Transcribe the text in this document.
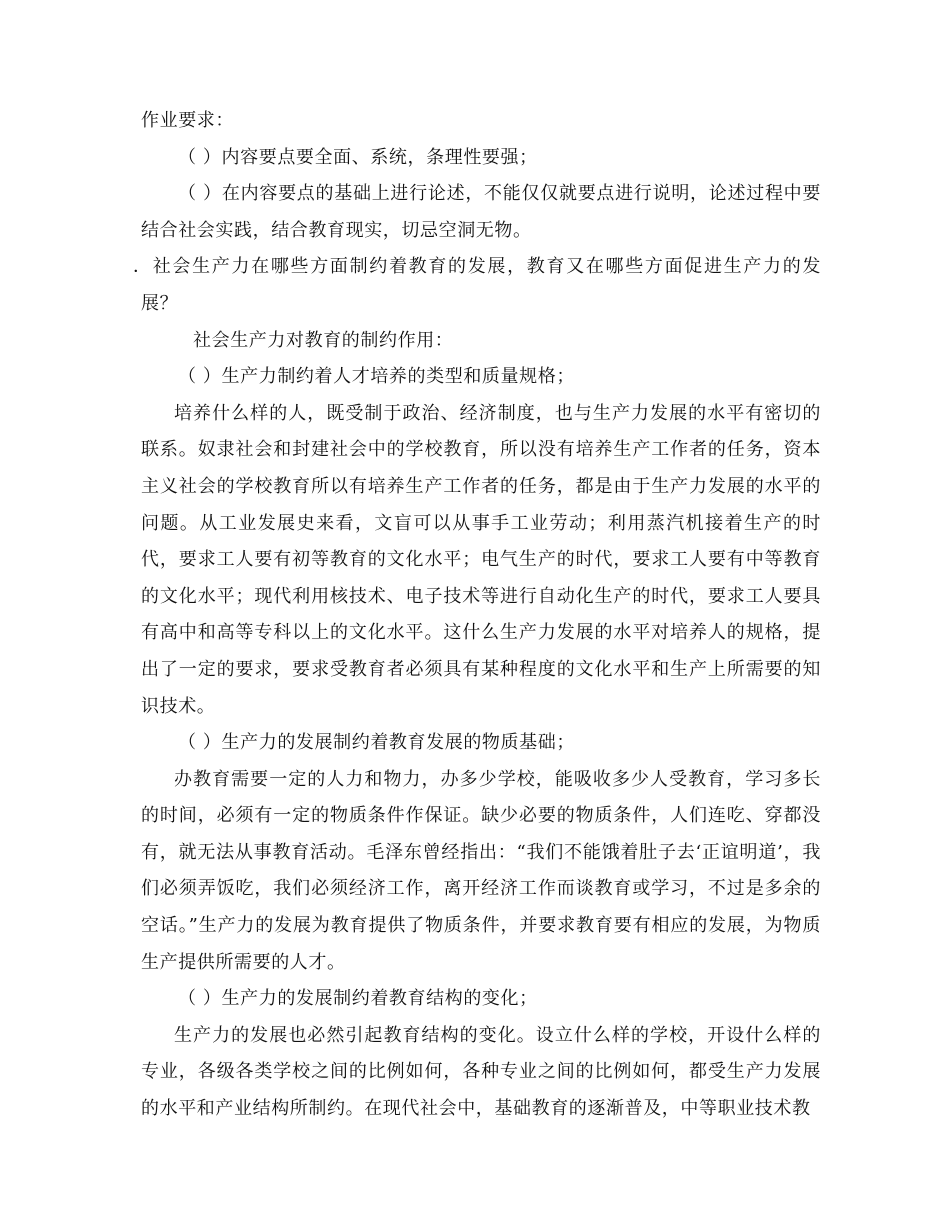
作业要求：

（ ）内容要点要全面、系统，条理性要强；

（ ）在内容要点的基础上进行论述，不能仅仅就要点进行说明，论述过程中要结合社会实践，结合教育现实，切忌空洞无物。

．社会生产力在哪些方面制约着教育的发展，教育又在哪些方面促进生产力的发展？

社会生产力对教育的制约作用：

（ ）生产力制约着人才培养的类型和质量规格；

培养什么样的人，既受制于政治、经济制度，也与生产力发展的水平有密切的联系。奴隶社会和封建社会中的学校教育，所以没有培养生产工作者的任务，资本主义社会的学校教育所以有培养生产工作者的任务，都是由于生产力发展的水平的问题。从工业发展史来看，文盲可以从事手工业劳动；利用蒸汽机接着生产的时代，要求工人要有初等教育的文化水平；电气生产的时代，要求工人要有中等教育的文化水平；现代利用核技术、电子技术等进行自动化生产的时代，要求工人要具有高中和高等专科以上的文化水平。这什么生产力发展的水平对培养人的规格，提出了一定的要求，要求受教育者必须具有某种程度的文化水平和生产上所需要的知识技术。

（ ）生产力的发展制约着教育发展的物质基础；

办教育需要一定的人力和物力，办多少学校，能吸收多少人受教育，学习多长的时间，必须有一定的物质条件作保证。缺少必要的物质条件，人们连吃、穿都没有，就无法从事教育活动。毛泽东曾经指出：“我们不能饿着肚子去‘正谊明道’，我们必须弄饭吃，我们必须经济工作，离开经济工作而谈教育或学习，不过是多余的空话。”生产力的发展为教育提供了物质条件，并要求教育要有相应的发展，为物质生产提供所需要的人才。

（ ）生产力的发展制约着教育结构的变化；

生产力的发展也必然引起教育结构的变化。设立什么样的学校，开设什么样的专业，各级各类学校之间的比例如何，各种专业之间的比例如何，都受生产力发展的水平和产业结构所制约。在现代社会中，基础教育的逐渐普及，中等职业技术教
